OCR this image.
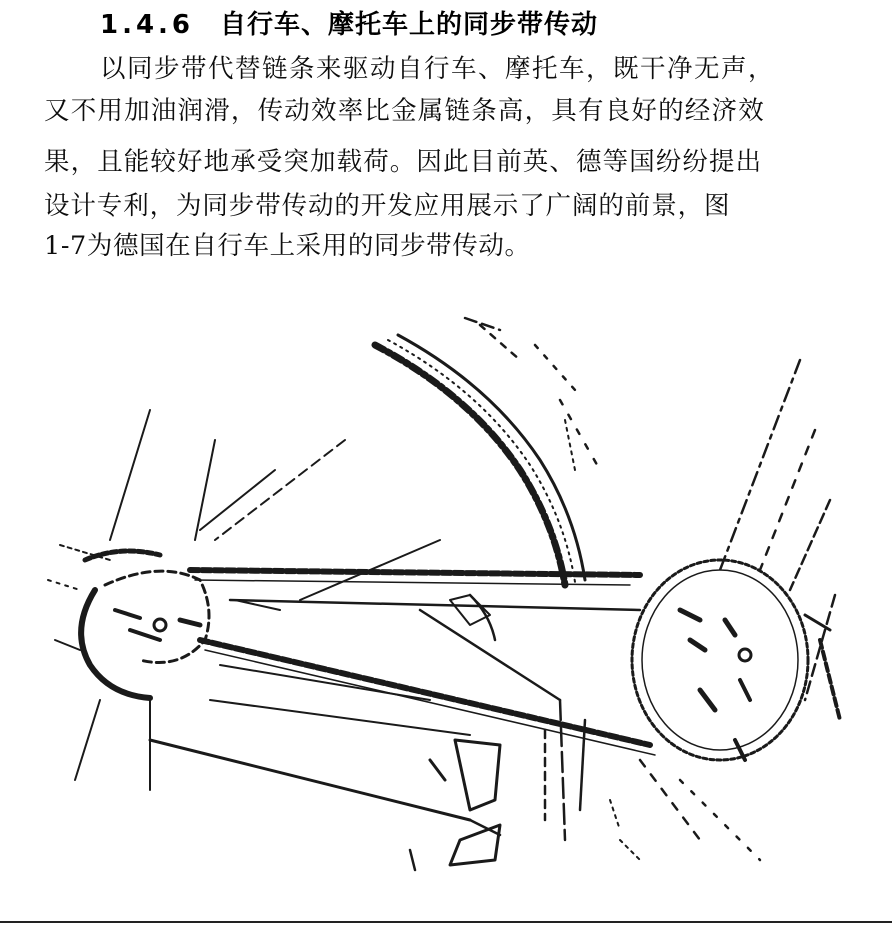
1.4.6 自行车、摩托车上的同步带传动
以同步带代替链条来驱动自行车、摩托车，既干净无声，
又不用加油润滑，传动效率比金属链条高，具有良好的经济效
果，且能较好地承受突加载荷。因此目前英、德等国纷纷提出
设计专利，为同步带传动的开发应用展示了广阔的前景，图
1-7为德国在自行车上采用的同步带传动。
